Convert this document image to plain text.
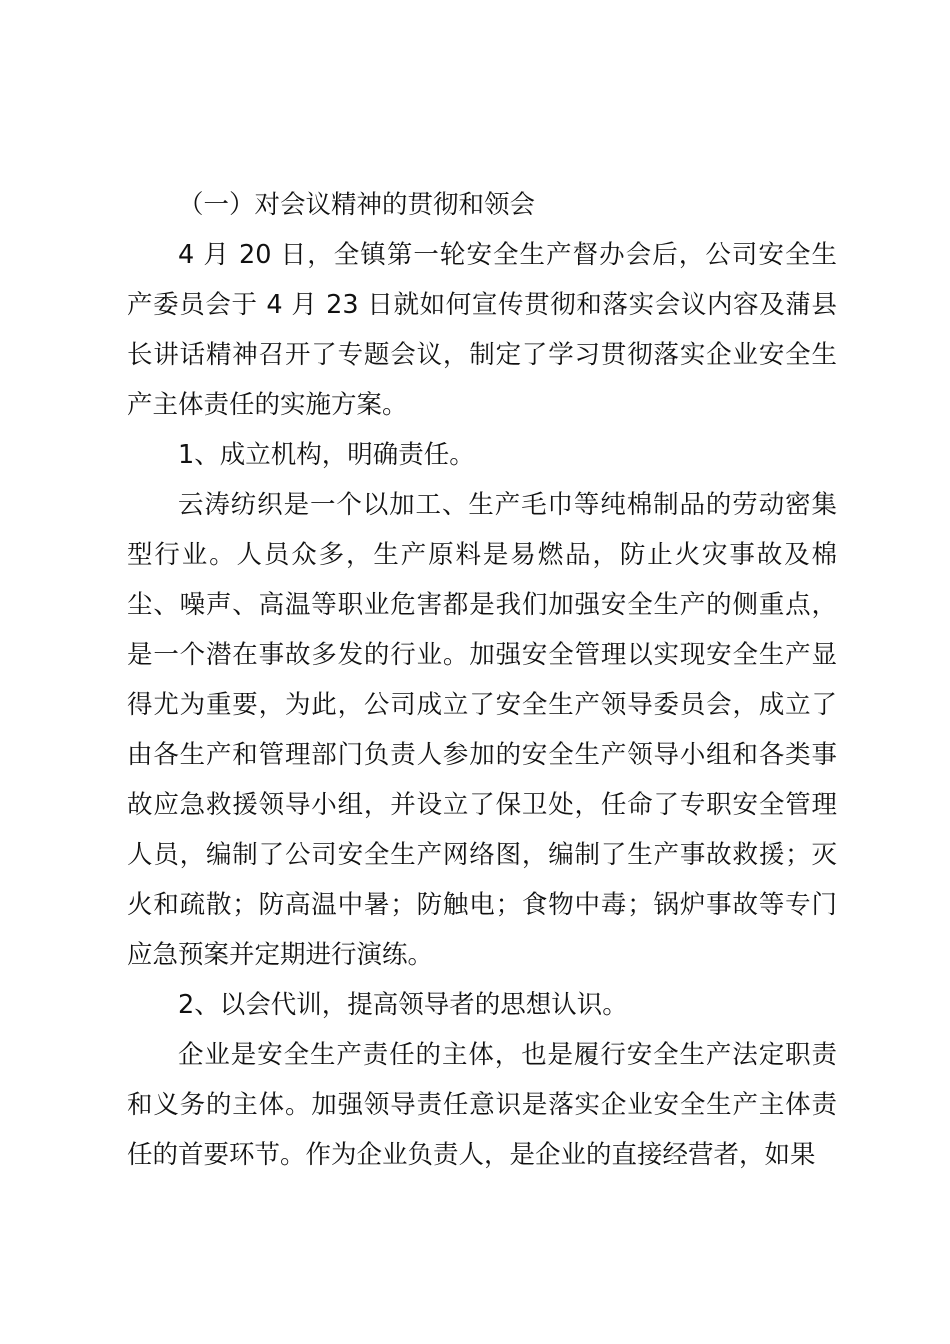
（一）对会议精神的贯彻和领会

4 月 20 日，全镇第一轮安全生产督办会后，公司安全生产委员会于 4 月 23 日就如何宣传贯彻和落实会议内容及蒲县长讲话精神召开了专题会议，制定了学习贯彻落实企业安全生产主体责任的实施方案。

1、成立机构，明确责任。

云涛纺织是一个以加工、生产毛巾等纯棉制品的劳动密集型行业。人员众多，生产原料是易燃品，防止火灾事故及棉尘、噪声、高温等职业危害都是我们加强安全生产的侧重点，是一个潜在事故多发的行业。加强安全管理以实现安全生产显得尤为重要，为此，公司成立了安全生产领导委员会，成立了由各生产和管理部门负责人参加的安全生产领导小组和各类事故应急救援领导小组，并设立了保卫处，任命了专职安全管理人员，编制了公司安全生产网络图，编制了生产事故救援；灭火和疏散；防高温中暑；防触电；食物中毒；锅炉事故等专门应急预案并定期进行演练。

2、以会代训，提高领导者的思想认识。

企业是安全生产责任的主体，也是履行安全生产法定职责和义务的主体。加强领导责任意识是落实企业安全生产主体责任的首要环节。作为企业负责人，是企业的直接经营者，如果
